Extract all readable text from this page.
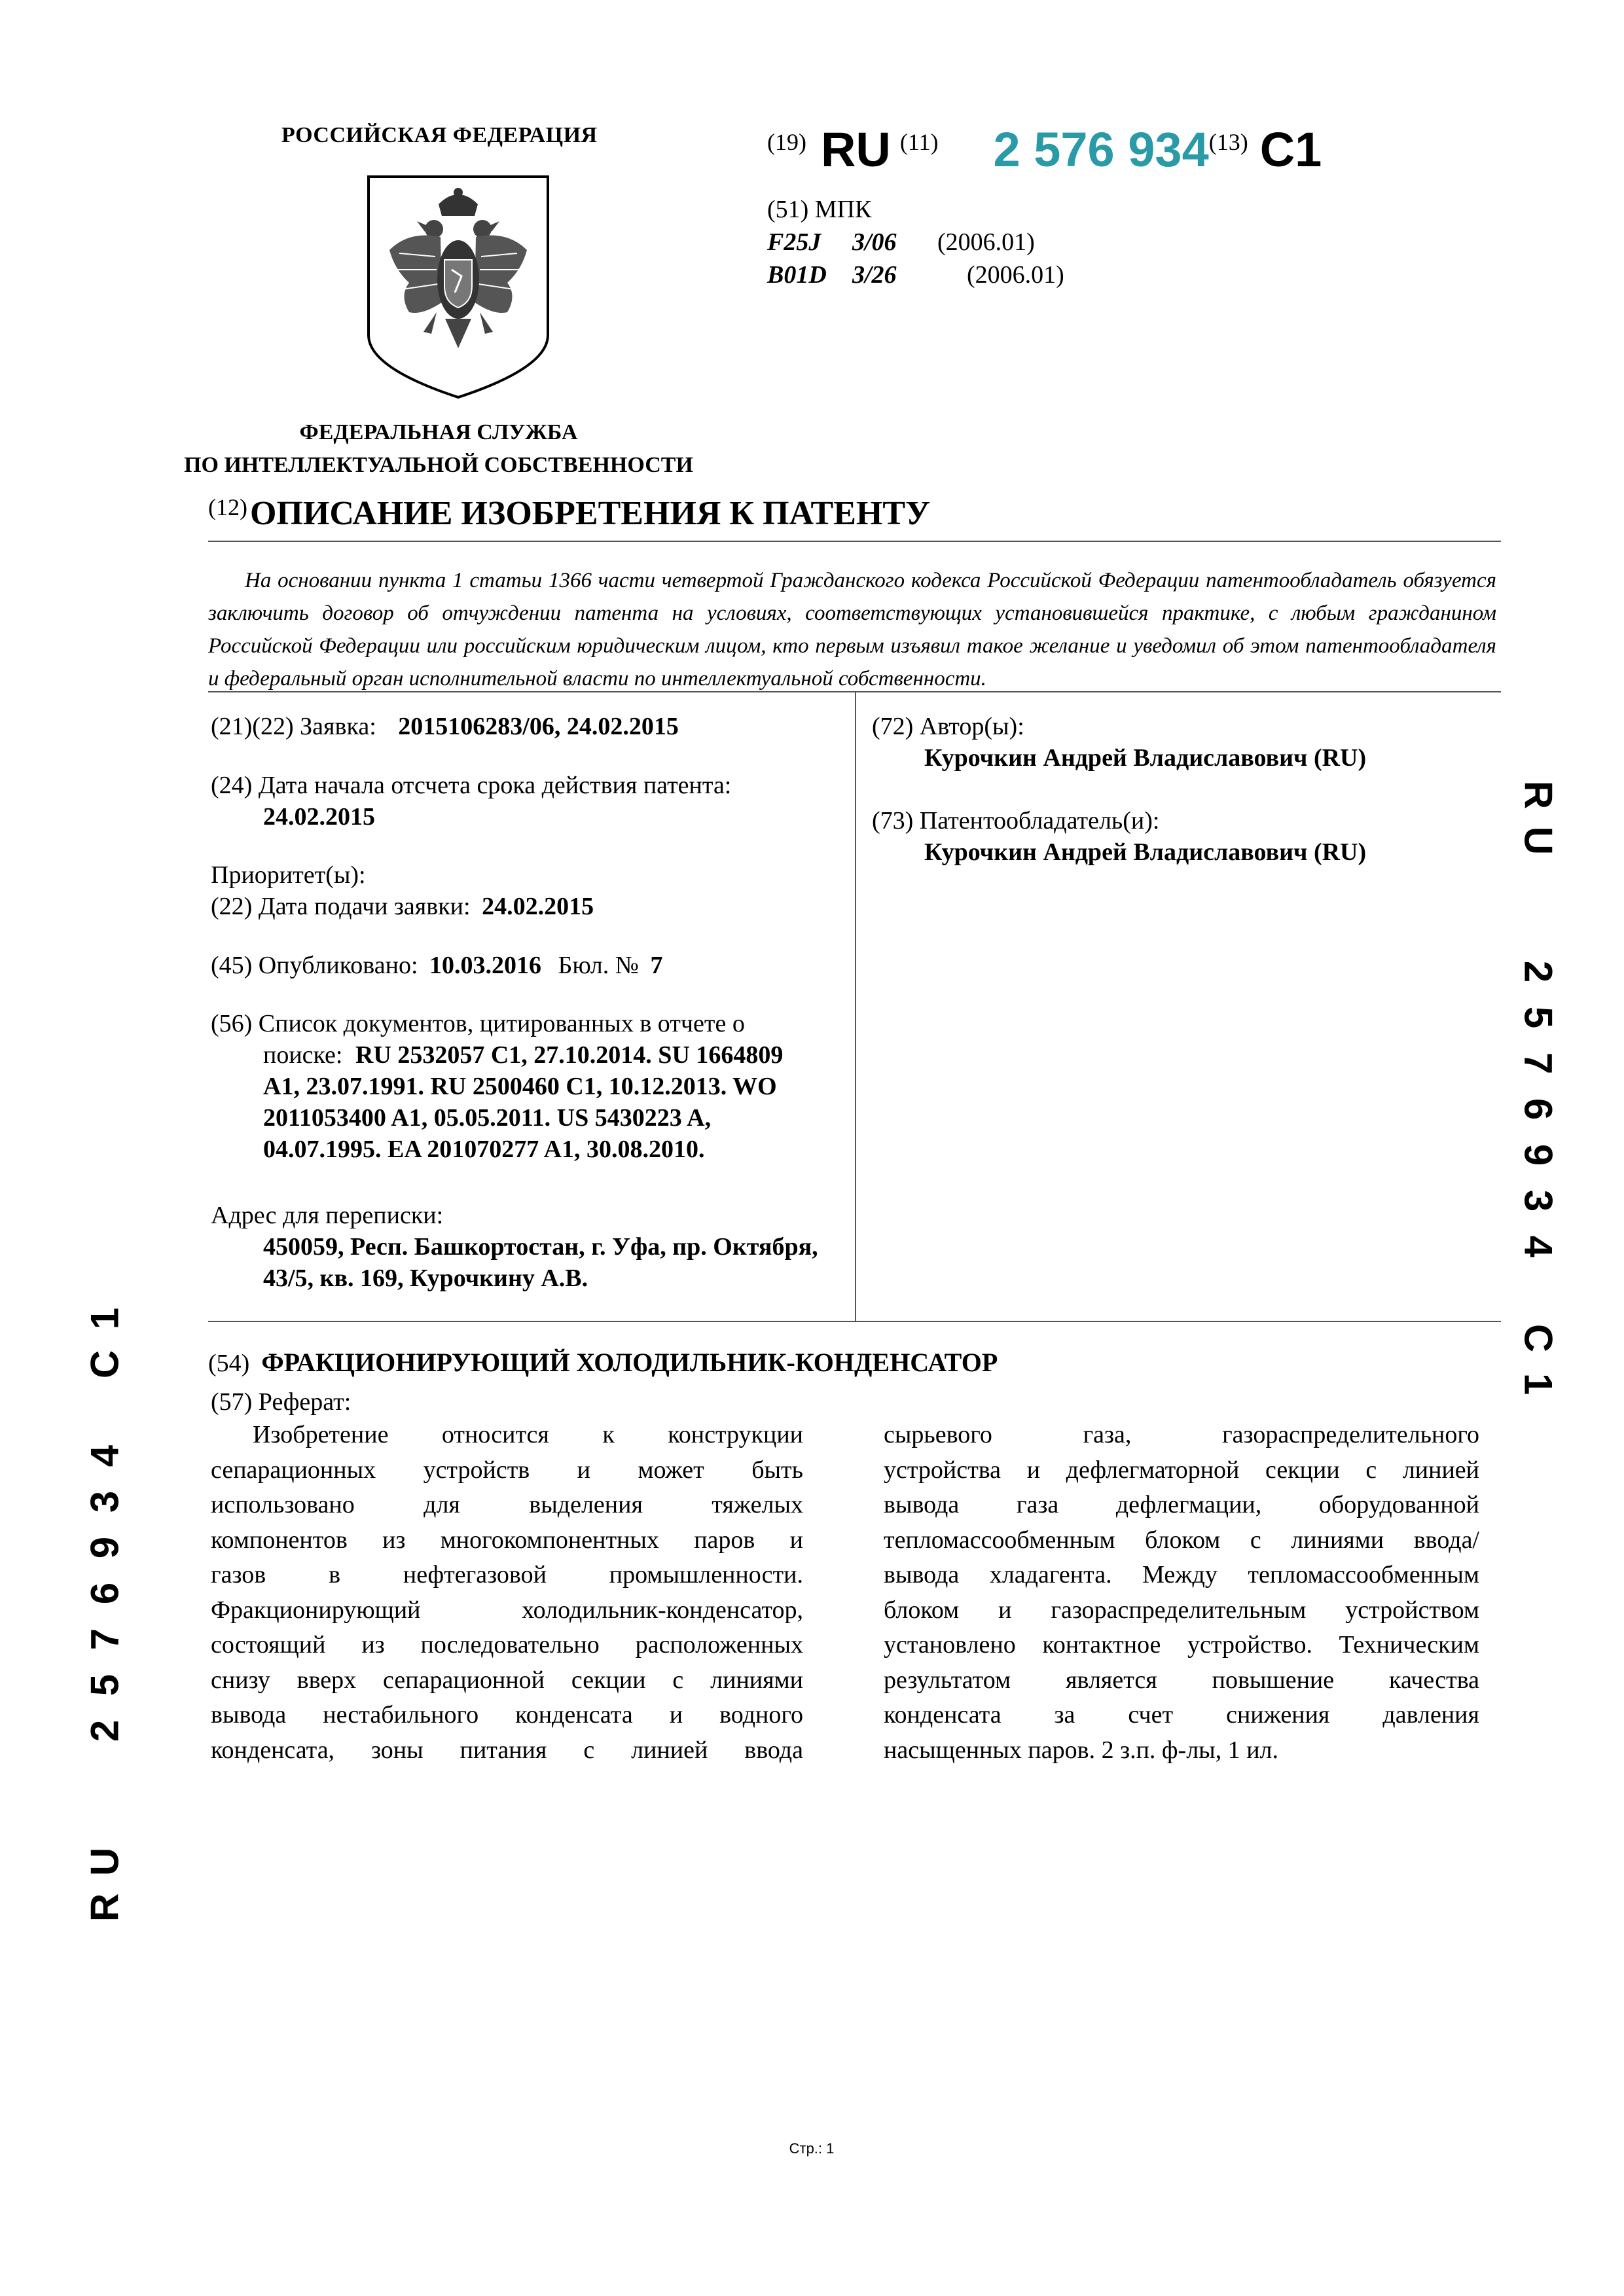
РОССИЙСКАЯ ФЕДЕРАЦИЯ
ФЕДЕРАЛЬНАЯ СЛУЖБА
ПО ИНТЕЛЛЕКТУАЛЬНОЙ СОБСТВЕННОСТИ
(19) RU (11) 2 576 934(13) C1
(51) МПК
F25J 3/06 (2006.01)
B01D 3/26	(2006.01)
(12) ОПИСАНИЕ ИЗОБРЕТЕНИЯ К ПАТЕНТУ

На основании пункта 1 статьи 1366 части четвертой Гражданского кодекса Российской Федерации патентообладатель обязуется заключить договор об отчуждении патента на условиях, соответствующих установившейся практике, с любым гражданином Российской Федерации или российским юридическим лицом, кто первым изъявил такое желание и уведомил об этом патентообладателя и федеральный орган исполнительной власти по интеллектуальной собственности.

(21)(22) Заявка: 2015106283/06, 24.02.2015
(24) Дата начала отсчета срока действия патента:
24.02.2015
Приоритет(ы):
(22) Дата подачи заявки: 24.02.2015
(45) Опубликовано: 10.03.2016 Бюл. № 7
(56) Список документов, цитированных в отчете о
поиске: RU 2532057 C1, 27.10.2014. SU 1664809
A1, 23.07.1991. RU 2500460 C1, 10.12.2013. WO
2011053400 A1, 05.05.2011. US 5430223 A,
04.07.1995. EA 201070277 A1, 30.08.2010.
Адрес для переписки:
450059, Респ. Башкортостан, г. Уфа, пр. Октября,
43/5, кв. 169, Курочкину А.В.
(72) Автор(ы):
Курочкин Андрей Владиславович (RU)
(73) Патентообладатель(и):
Курочкин Андрей Владиславович (RU)
R
U
2
5
7
6
9
3
4
C
1
1
C
4
3
9
6
7
5
2
U
R
(54) ФРАКЦИОНИРУЮЩИЙ ХОЛОДИЛЬНИК-КОНДЕНСАТОР
(57) Реферат:
Изобретение относится к конструкции
сепарационных устройств и может быть
использовано для выделения тяжелых
компонентов из многокомпонентных паров и
газов в нефтегазовой промышленности.
Фракционирующий холодильник-конденсатор,
состоящий из последовательно расположенных
снизу вверх сепарационной секции с линиями
вывода нестабильного конденсата и водного
конденсата, зоны питания с линией ввода
сырьевого газа, газораспределительного
устройства и дефлегматорной секции с линией
вывода газа дефлегмации, оборудованной
тепломассообменным блоком с линиями ввода/
вывода хладагента. Между тепломассообменным
блоком и газораспределительным устройством
установлено контактное устройство. Техническим
результатом является повышение качества
конденсата за счет снижения давления
насыщенных паров. 2 з.п. ф-лы, 1 ил.
Стр.: 1
